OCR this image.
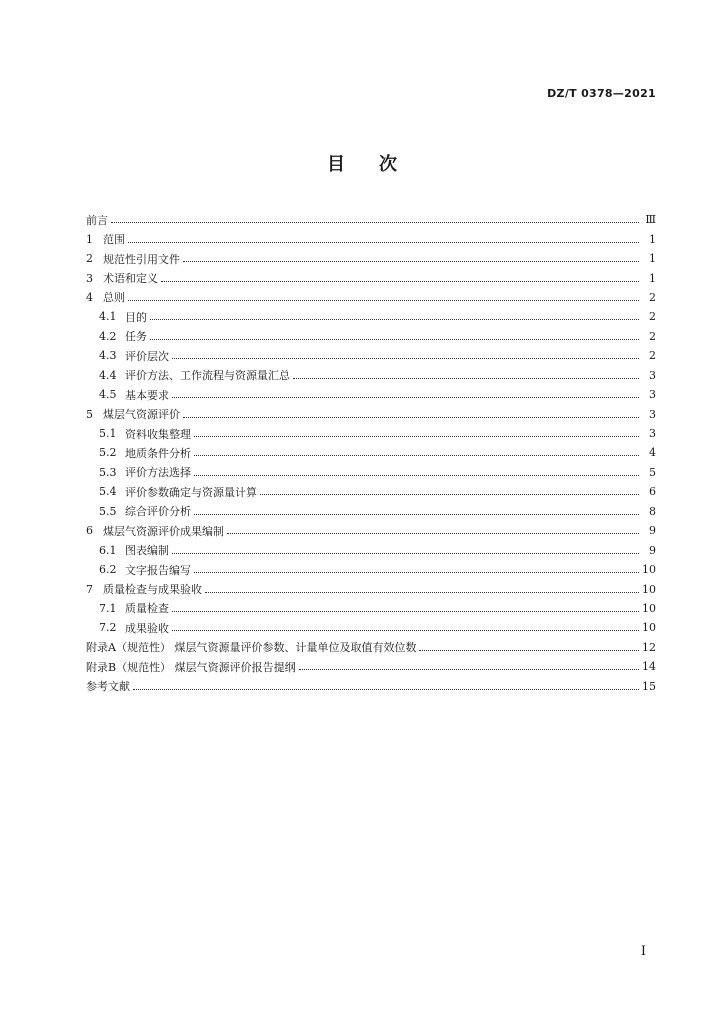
DZ/T 0378—2021
目次
前言	Ⅲ
1 范围	1
2 规范性引用文件	1
3 术语和定义	1
4 总则	2
4.1 目的	2
4.2 任务	2
4.3 评价层次	2
4.4 评价方法、工作流程与资源量汇总	3
4.5 基本要求	3
5 煤层气资源评价	3
5.1 资料收集整理	3
5.2 地质条件分析	4
5.3 评价方法选择	5
5.4 评价参数确定与资源量计算	6
5.5 综合评价分析	8
6 煤层气资源评价成果编制	9
6.1 图表编制	9
6.2 文字报告编写	10
7 质量检查与成果验收	10
7.1 质量检查	10
7.2 成果验收	10
附录A（规范性） 煤层气资源量评价参数、计量单位及取值有效位数	12
附录B（规范性） 煤层气资源评价报告提纲	14
参考文献	15
I
